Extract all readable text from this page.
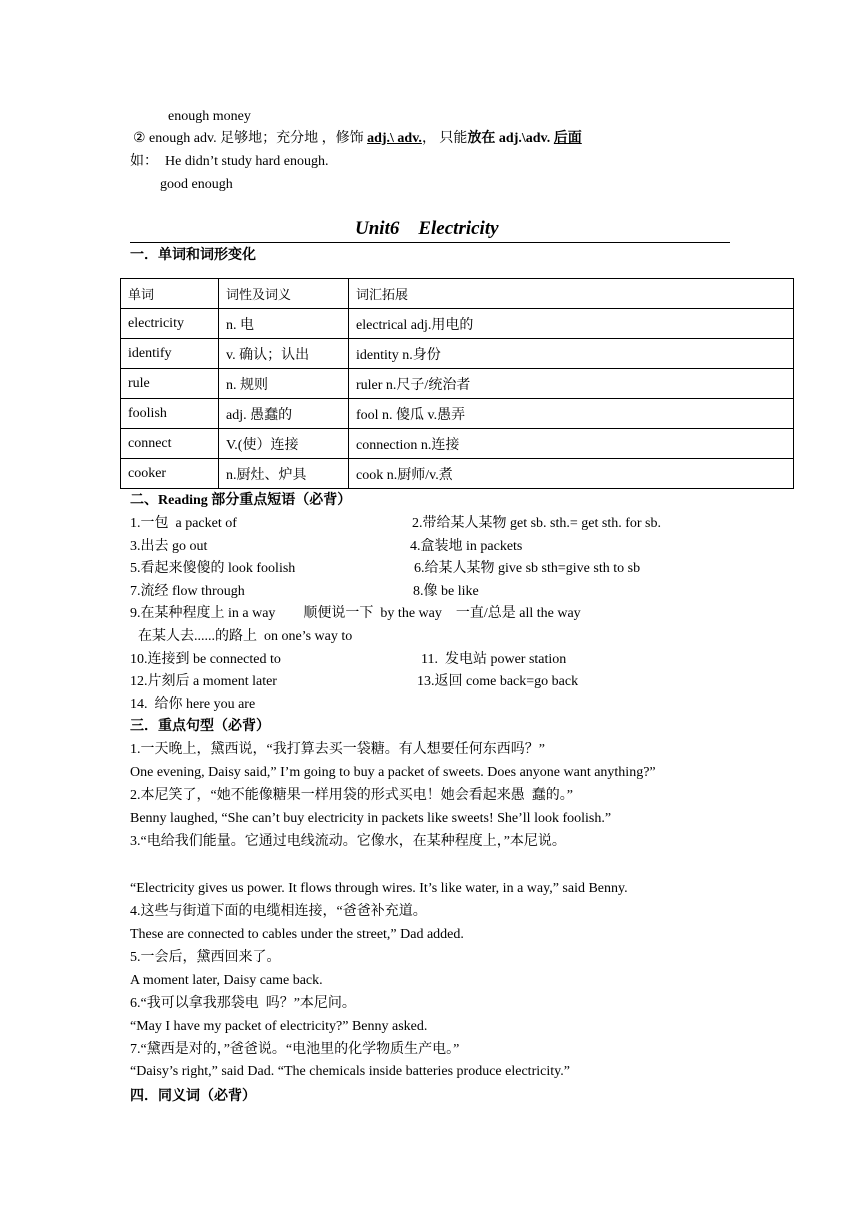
enough money
② enough adv. 足够地；充分地 ，修饰 adj.\ adv.， 只能放在 adj.\adv. 后面
如：  He didn’t study hard enough.
good enough
Unit6    Electricity
一．单词和词形变化
单词	词性及词义	词汇拓展
electricity	n. 电	electrical adj.用电的
identify	v. 确认；认出	identity n.身份
rule	n. 规则	ruler n.尺子/统治者
foolish	adj. 愚蠢的	fool n. 傻瓜 v.愚弄
connect	V.(使）连接	connection n.连接
cooker	n.厨灶、炉具	cook n.厨师/v.煮
二、Reading 部分重点短语（必背）
1.一包  a packet of	2.带给某人某物 get sb. sth.= get sth. for sb.
3.出去 go out	4.盒装地 in packets
5.看起来傻傻的 look foolish	6.给某人某物 give sb sth=give sth to sb
7.流经 flow through	8.像 be like
9.在某种程度上 in a way        顺便说一下  by the way    一直/总是 all the way
在某人去......的路上  on one’s way to
10.连接到 be connected to	11.  发电站 power station
12.片刻后 a moment later	13.返回 come back=go back
14.  给你 here you are
三．重点句型（必背）
1.一天晚上，黛西说，“我打算去买一袋糖。有人想要任何东西吗？”
One evening, Daisy said,” I’m going to buy a packet of sweets. Does anyone want anything?”
2.本尼笑了，“她不能像糖果一样用袋的形式买电！她会看起来愚  蠢的。”
Benny laughed, “She can’t buy electricity in packets like sweets! She’ll look foolish.”
3.“电给我们能量。它通过电线流动。它像水，在某种程度上，”本尼说。
“Electricity gives us power. It flows through wires. It’s like water, in a way,” said Benny.
4.这些与街道下面的电缆相连接，“爸爸补充道。
These are connected to cables under the street,” Dad added.
5.一会后，黛西回来了。
A moment later, Daisy came back.
6.“我可以拿我那袋电  吗？”本尼问。
“May I have my packet of electricity?” Benny asked.
7.“黛西是对的，”爸爸说。“电池里的化学物质生产电。”
“Daisy’s right,” said Dad. “The chemicals inside batteries produce electricity.”
四．同义词（必背）
